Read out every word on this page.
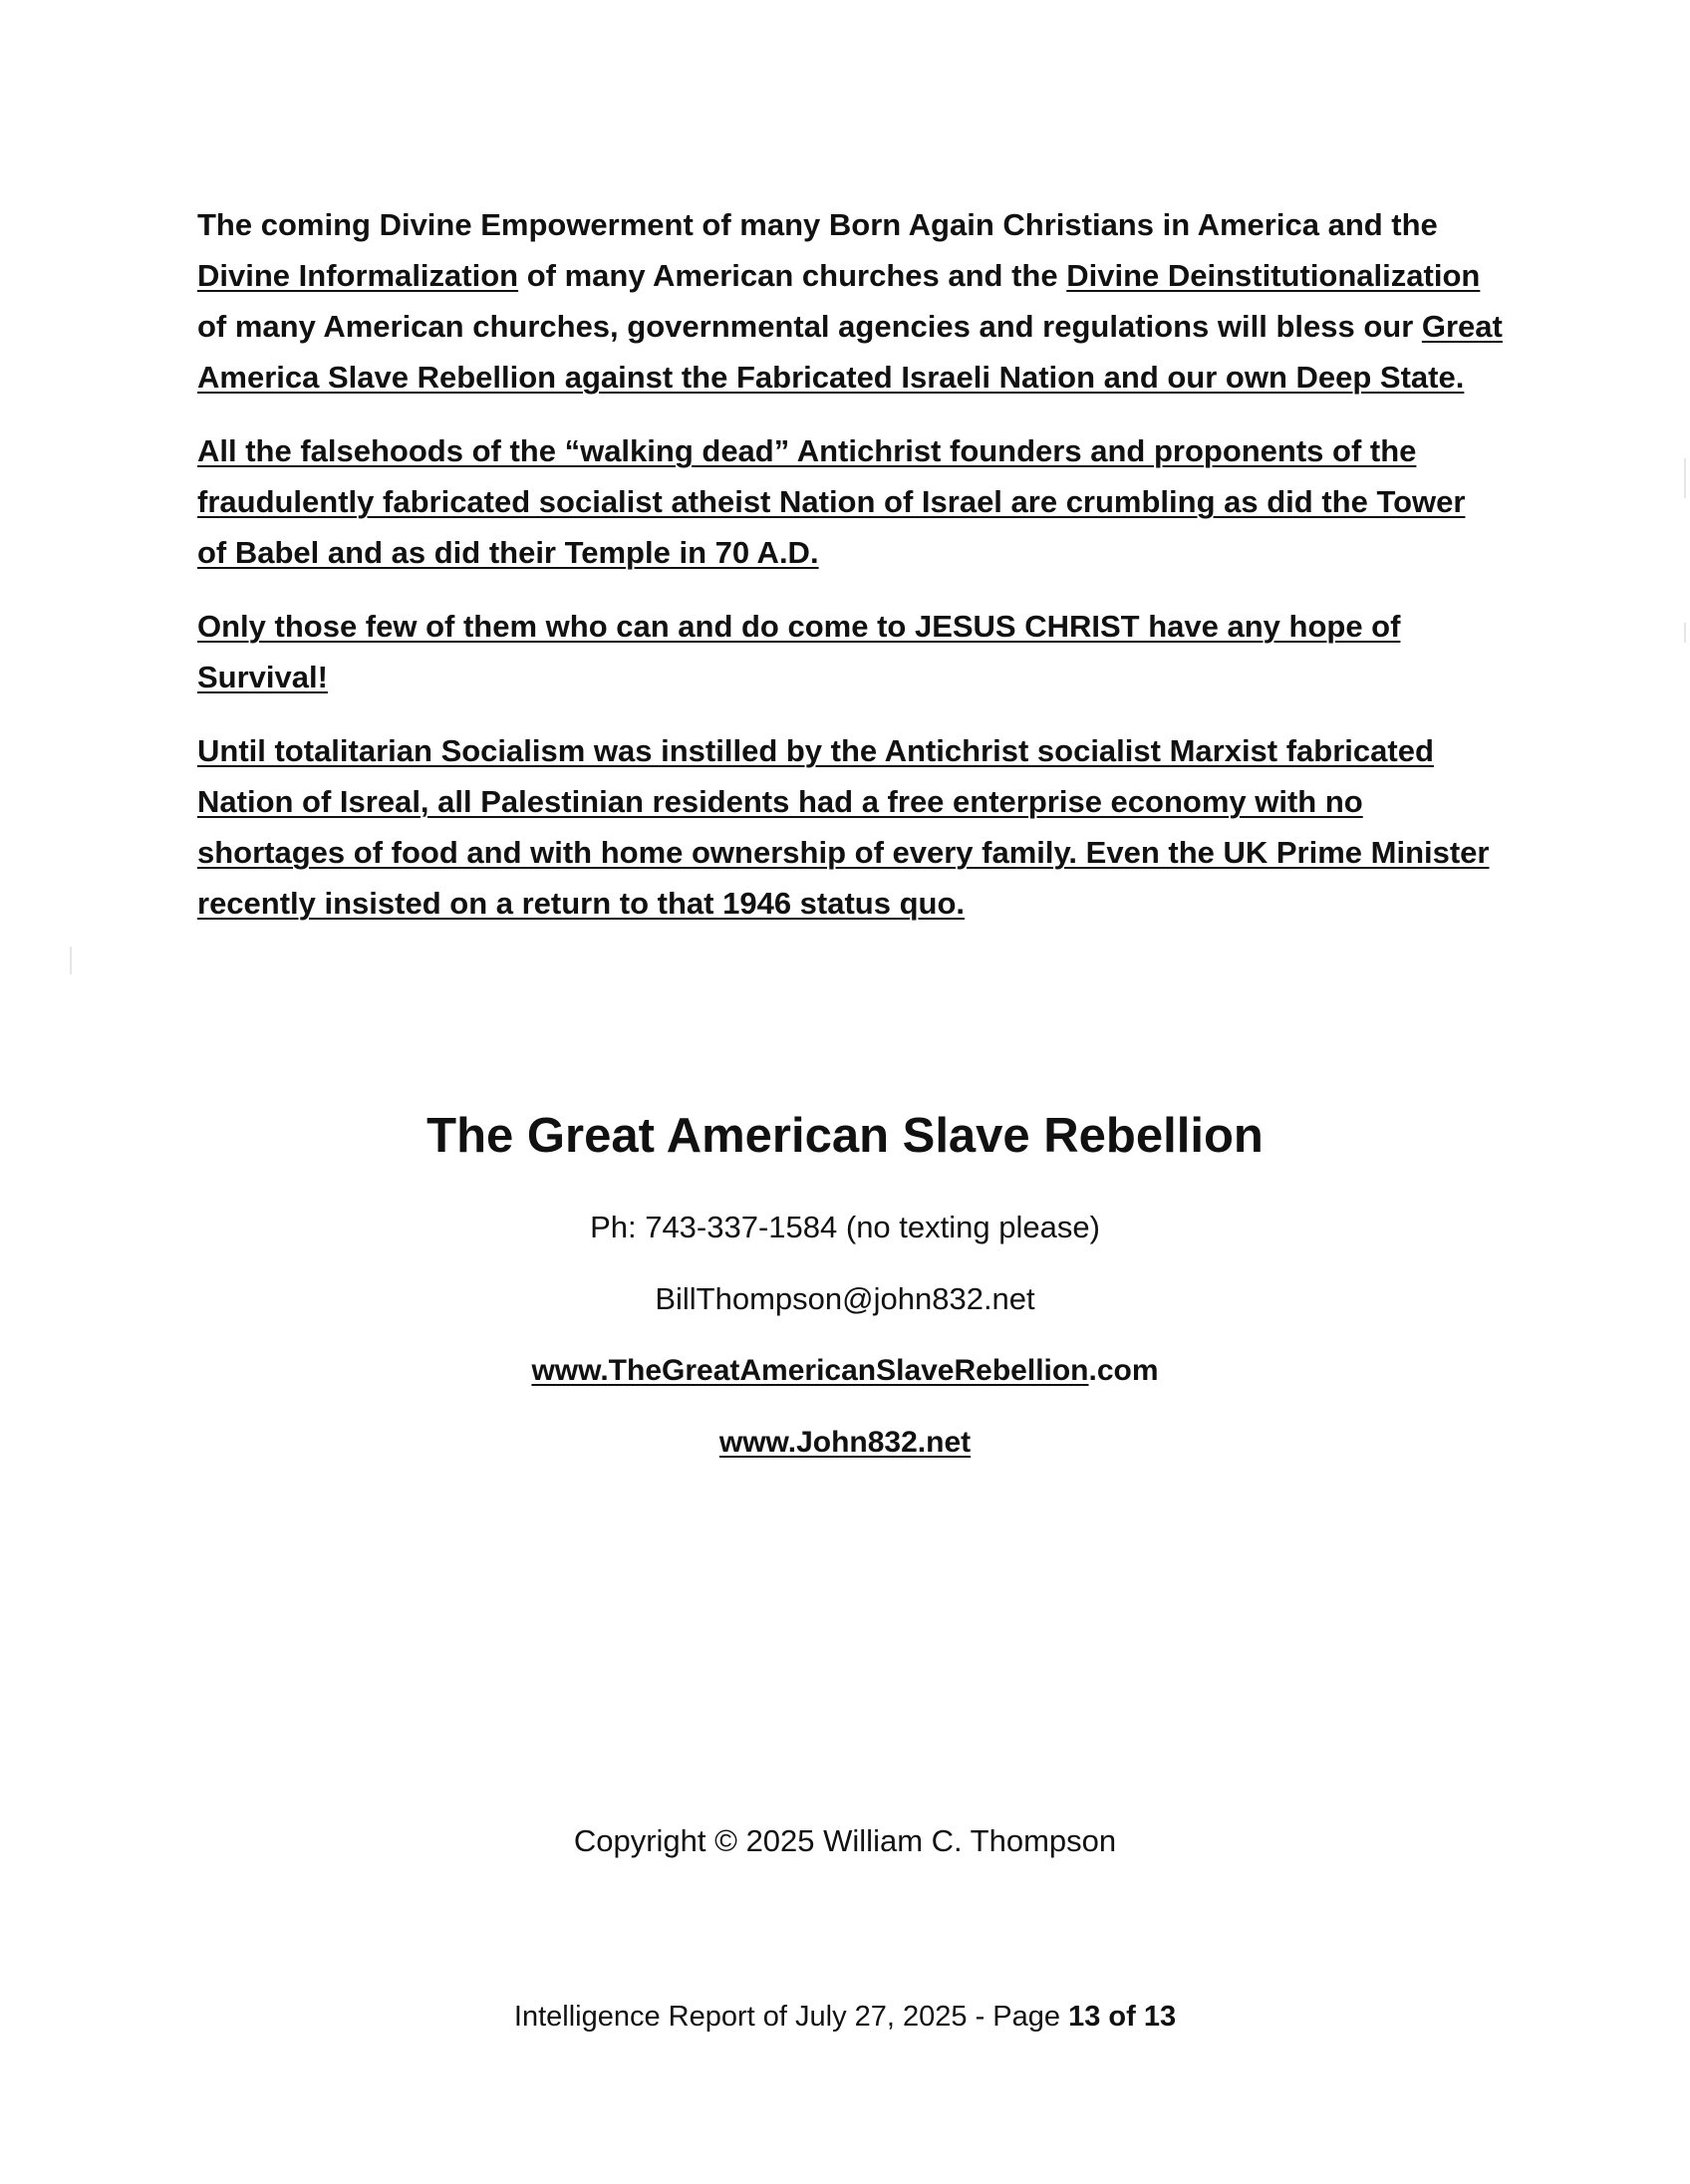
The coming Divine Empowerment of many Born Again Christians in America and the Divine Informalization of many American churches and the Divine Deinstitutionalization of many American churches, governmental agencies and regulations will bless our Great America Slave Rebellion against the Fabricated Israeli Nation and our own Deep State.

All the falsehoods of the “walking dead” Antichrist founders and proponents of the fraudulently fabricated socialist atheist Nation of Israel are crumbling as did the Tower of Babel and as did their Temple in 70 A.D.

Only those few of them who can and do come to JESUS CHRIST have any hope of Survival!

Until totalitarian Socialism was instilled by the Antichrist socialist Marxist fabricated Nation of Isreal, all Palestinian residents had a free enterprise economy with no shortages of food and with home ownership of every family. Even the UK Prime Minister recently insisted on a return to that 1946 status quo.

The Great American Slave Rebellion
Ph: 743-337-1584 (no texting please)
BillThompson@john832.net
www.TheGreatAmericanSlaveRebellion.com
www.John832.net
Copyright © 2025 William C. Thompson
Intelligence Report of July 27, 2025 - Page 13 of 13
